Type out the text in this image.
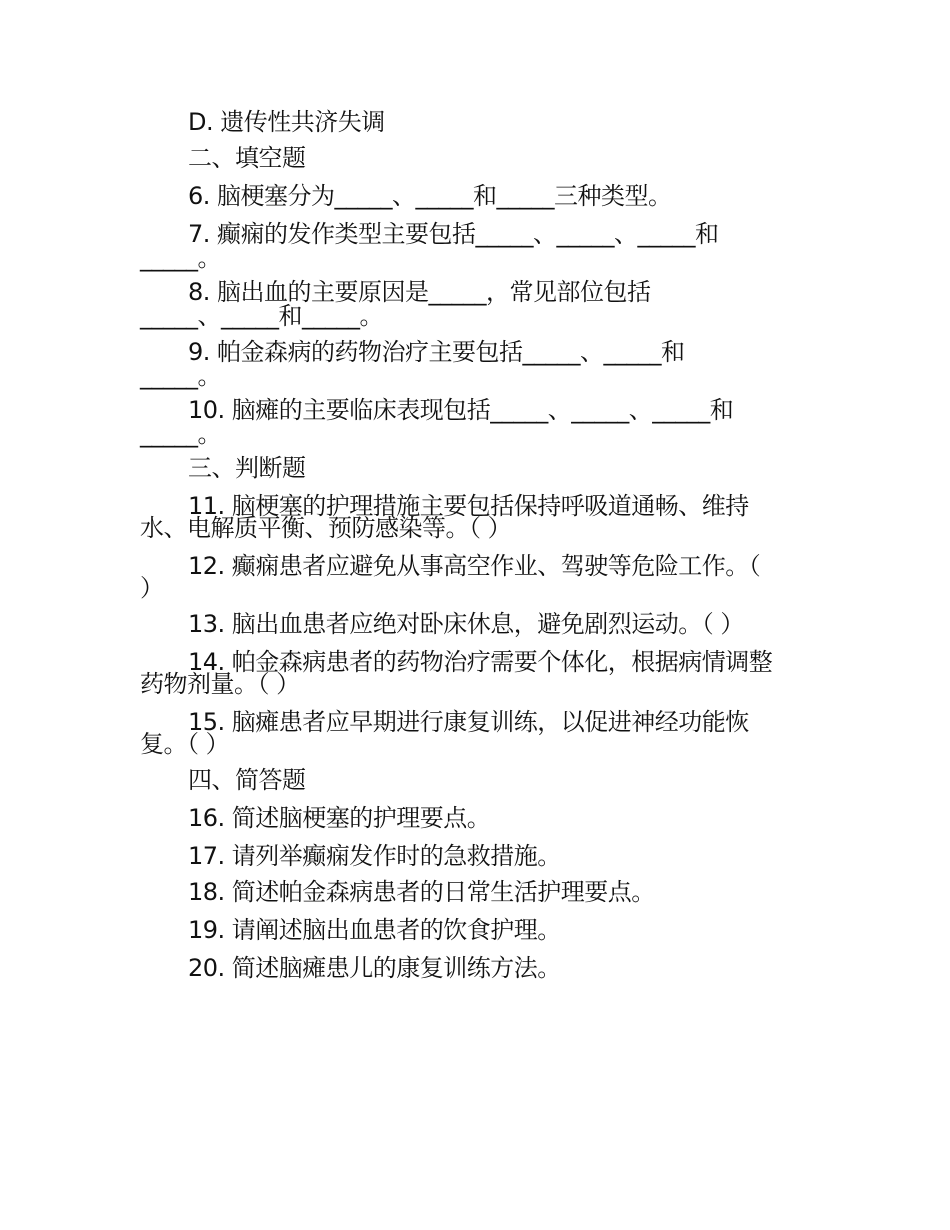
D. 遗传性共济失调
二、填空题
6. 脑梗塞分为_____、_____和_____三种类型。
7. 癫痫的发作类型主要包括_____、_____、_____和
_____。
8. 脑出血的主要原因是_____，常见部位包括
_____、_____和_____。
9. 帕金森病的药物治疗主要包括_____、_____和
_____。
10. 脑瘫的主要临床表现包括_____、_____、_____和
_____。
三、判断题
11. 脑梗塞的护理措施主要包括保持呼吸道通畅、维持
水、电解质平衡、预防感染等。（ ）
12. 癫痫患者应避免从事高空作业、驾驶等危险工作。（
）
13. 脑出血患者应绝对卧床休息，避免剧烈运动。（ ）
14. 帕金森病患者的药物治疗需要个体化，根据病情调整
药物剂量。（ ）
15. 脑瘫患者应早期进行康复训练，以促进神经功能恢
复。（ ）
四、简答题
16. 简述脑梗塞的护理要点。
17. 请列举癫痫发作时的急救措施。
18. 简述帕金森病患者的日常生活护理要点。
19. 请阐述脑出血患者的饮食护理。
20. 简述脑瘫患儿的康复训练方法。
